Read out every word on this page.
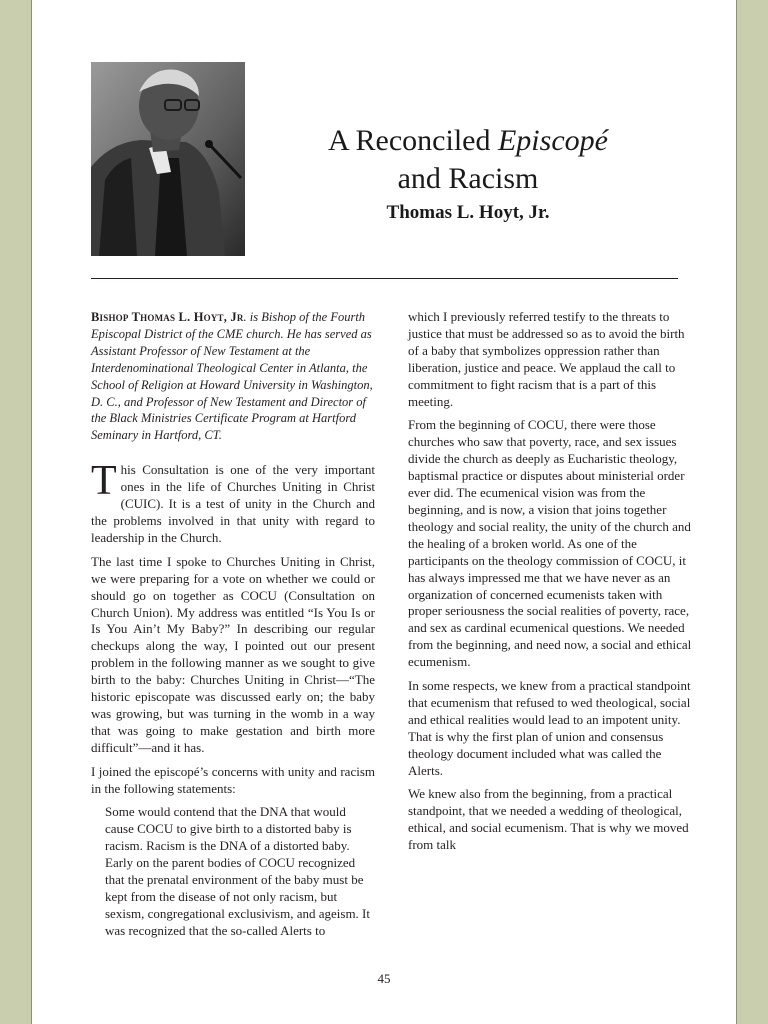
A Reconciled Episcopé
and Racism
Thomas L. Hoyt, Jr.

Bishop Thomas L. Hoyt, Jr. is Bishop of the Fourth Episcopal District of the CME church. He has served as Assistant Professor of New Testament at the Interdenominational Theological Center in Atlanta, the School of Religion at Howard University in Washington, D. C., and Professor of New Testament and Director of the Black Ministries Certificate Program at Hartford Seminary in Hartford, CT.

This Consultation is one of the very important ones in the life of Churches Uniting in Christ (CUIC). It is a test of unity in the Church and the problems involved in that unity with regard to leadership in the Church.

The last time I spoke to Churches Uniting in Christ, we were preparing for a vote on whether we could or should go on together as COCU (Consultation on Church Union). My address was entitled “Is You Is or Is You Ain’t My Baby?” In describing our regular checkups along the way, I pointed out our present problem in the following manner as we sought to give birth to the baby: Churches Uniting in Christ—“The historic episcopate was discussed early on; the baby was growing, but was turning in the womb in a way that was going to make gestation and birth more difficult”—and it has.

I joined the episcopé’s concerns with unity and racism in the following statements:

Some would contend that the DNA that would cause COCU to give birth to a distorted baby is racism. Racism is the DNA of a distorted baby. Early on the parent bodies of COCU recognized that the prenatal environment of the baby must be kept from the disease of not only racism, but sexism, congregational exclusivism, and ageism. It was recognized that the so-called Alerts to

which I previously referred testify to the threats to justice that must be addressed so as to avoid the birth of a baby that symbolizes oppression rather than liberation, justice and peace. We applaud the call to commitment to fight racism that is a part of this meeting.

From the beginning of COCU, there were those churches who saw that poverty, race, and sex issues divide the church as deeply as Eucharistic theology, baptismal practice or disputes about ministerial order ever did. The ecumenical vision was from the beginning, and is now, a vision that joins together theology and social reality, the unity of the church and the healing of a broken world. As one of the participants on the theology commission of COCU, it has always impressed me that we have never as an organization of concerned ecumenists taken with proper seriousness the social realities of poverty, race, and sex as cardinal ecumenical questions. We needed from the beginning, and need now, a social and ethical ecumenism.

In some respects, we knew from a practical standpoint that ecumenism that refused to wed theological, social and ethical realities would lead to an impotent unity. That is why the first plan of union and consensus theology document included what was called the Alerts.

We knew also from the beginning, from a practical standpoint, that we needed a wedding of theological, ethical, and social ecumenism. That is why we moved from talk

45
